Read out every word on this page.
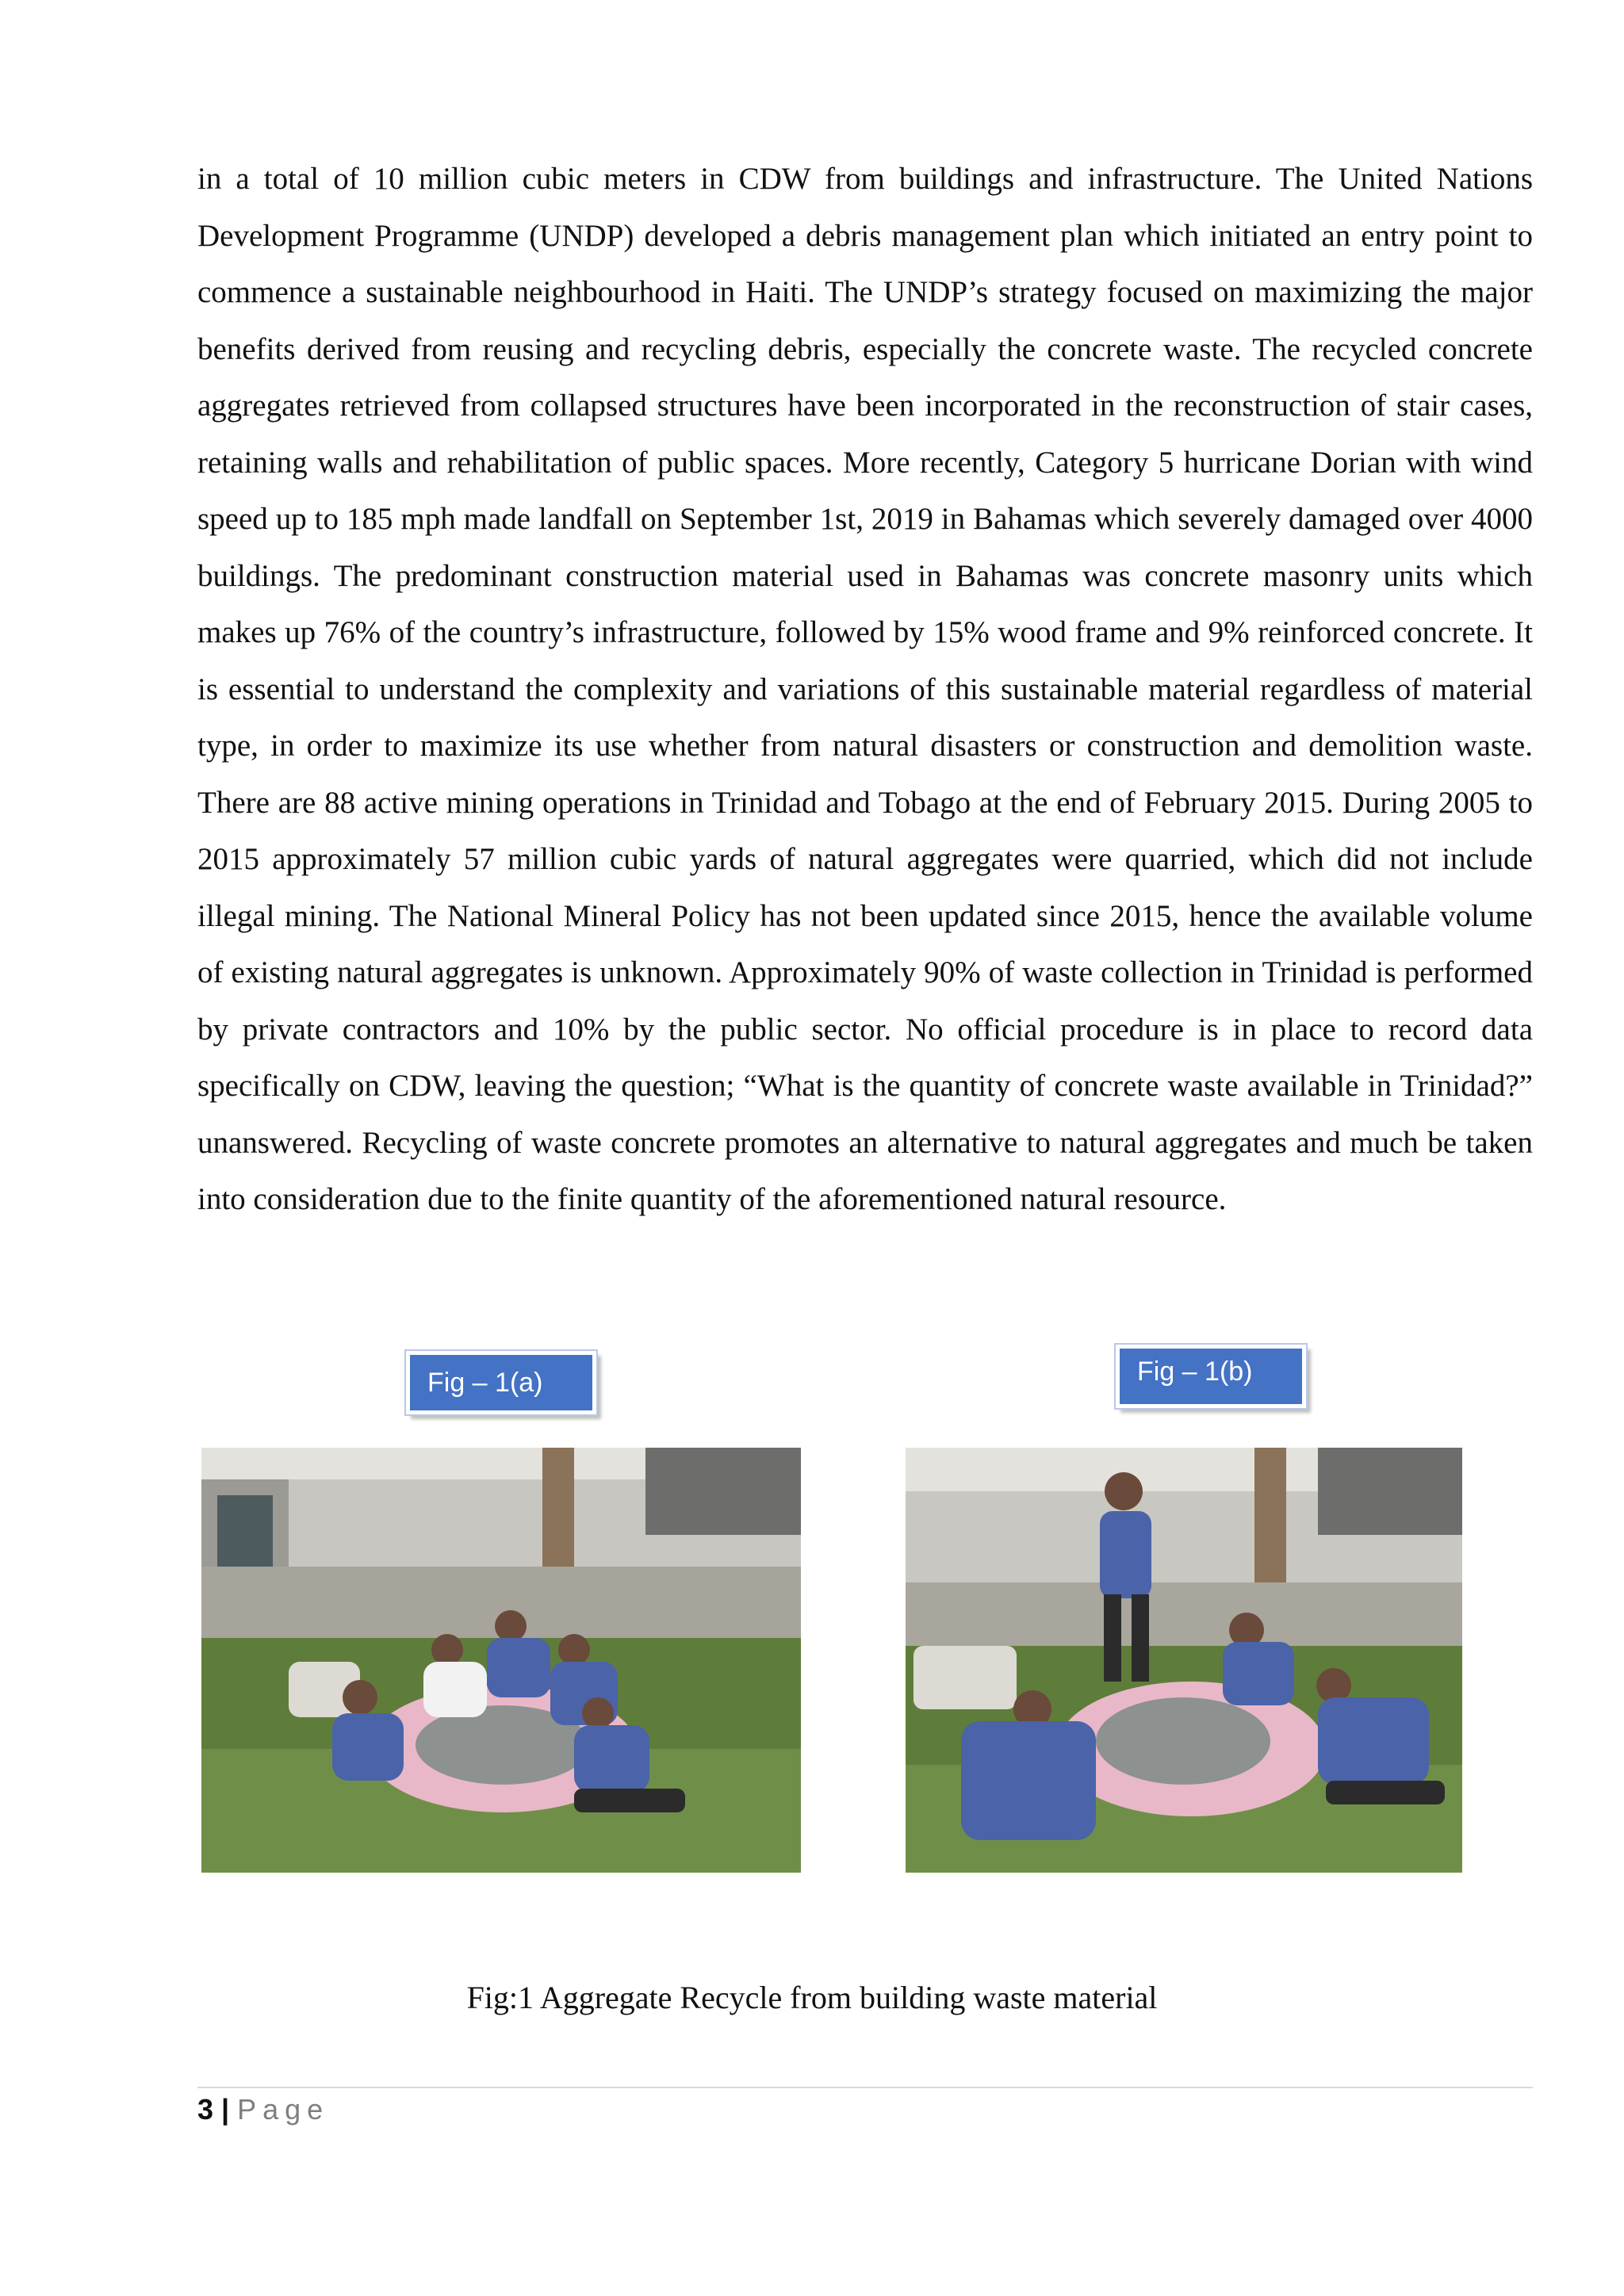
in a total of 10 million cubic meters in CDW from buildings and infrastructure. The United Nations Development Programme (UNDP) developed a debris management plan which initiated an entry point to commence a sustainable neighbourhood in Haiti. The UNDP’s strategy focused on maximizing the major benefits derived from reusing and recycling debris, especially the concrete waste. The recycled concrete aggregates retrieved from collapsed structures have been incorporated in the reconstruction of stair cases, retaining walls and rehabilitation of public spaces. More recently, Category 5 hurricane Dorian with wind speed up to 185 mph made landfall on September 1st, 2019 in Bahamas which severely damaged over 4000 buildings. The predominant construction material used in Bahamas was concrete masonry units which makes up 76% of the country’s infrastructure, followed by 15% wood frame and 9% reinforced concrete. It is essential to understand the complexity and variations of this sustainable material regardless of material type, in order to maximize its use whether from natural disasters or construction and demolition waste. There are 88 active mining operations in Trinidad and Tobago at the end of February 2015. During 2005 to 2015 approximately 57 million cubic yards of natural aggregates were quarried, which did not include illegal mining. The National Mineral Policy has not been updated since 2015, hence the available volume of existing natural aggregates is unknown. Approximately 90% of waste collection in Trinidad is performed by private contractors and 10% by the public sector. No official procedure is in place to record data specifically on CDW, leaving the question; “What is the quantity of concrete waste available in Trinidad?” unanswered. Recycling of waste concrete promotes an alternative to natural aggregates and much be taken into consideration due to the finite quantity of the aforementioned natural resource.

Fig – 1(a)	Fig – 1(b)
Fig:1 Aggregate Recycle from building waste material
3 | Page
